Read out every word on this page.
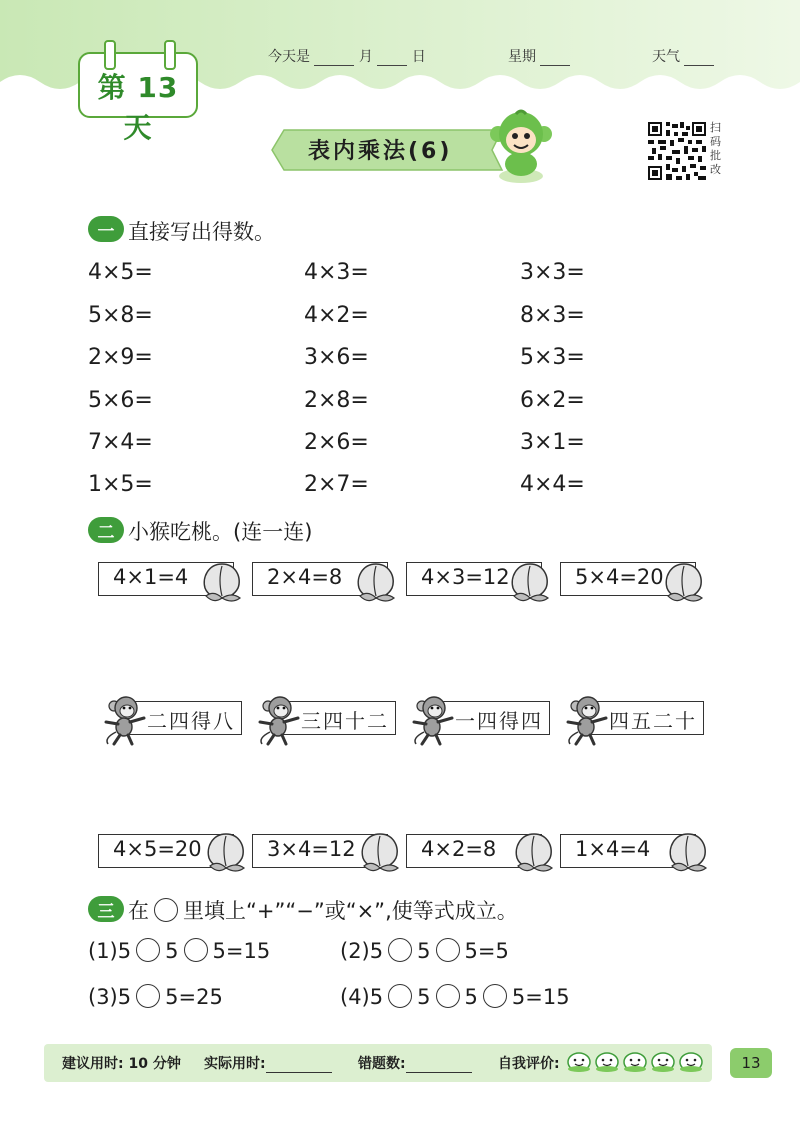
第 13 天
今天是	月	日	星期	天气
表内乘法(6)
扫
码
批
改
一 直接写出得数。
4×5=	4×3=	3×3=
5×8=	4×2=	8×3=
2×9=	3×6=	5×3=
5×6=	2×8=	6×2=
7×4=	2×6=	3×1=
1×5=	2×7=	4×4=
二 小猴吃桃。(连一连)
4×1=4	2×4=8	4×3=12	5×4=20
二四得八	三四十二	一四得四	四五二十
4×5=20	3×4=12	4×2=8	1×4=4
三 在 里填上“+”“−”或“×”,使等式成立。
(1)5 5 5=15	(2)5 5 5=5
(3)5 5=25	(4)5 5 5 5=15
建议用时: 10 分钟 实际用时:	错题数:	自我评价:	13
